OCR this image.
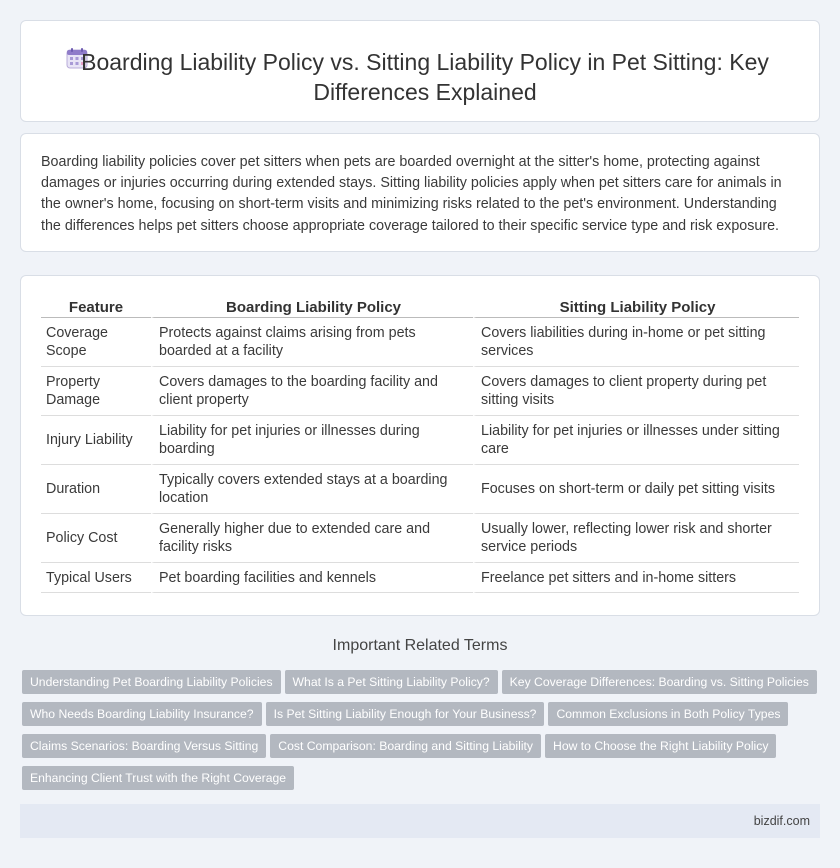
Boarding Liability Policy vs. Sitting Liability Policy in Pet Sitting: Key Differences Explained

Boarding liability policies cover pet sitters when pets are boarded overnight at the sitter's home, protecting against damages or injuries occurring during extended stays. Sitting liability policies apply when pet sitters care for animals in the owner's home, focusing on short-term visits and minimizing risks related to the pet's environment. Understanding the differences helps pet sitters choose appropriate coverage tailored to their specific service type and risk exposure.

Feature	Boarding Liability Policy	Sitting Liability Policy
Coverage Scope	Protects against claims arising from pets boarded at a facility	Covers liabilities during in-home or pet sitting services
Property Damage	Covers damages to the boarding facility and client property	Covers damages to client property during pet sitting visits
Injury Liability	Liability for pet injuries or illnesses during boarding	Liability for pet injuries or illnesses under sitting care
Duration	Typically covers extended stays at a boarding location	Focuses on short-term or daily pet sitting visits
Policy Cost	Generally higher due to extended care and facility risks	Usually lower, reflecting lower risk and shorter service periods
Typical Users	Pet boarding facilities and kennels	Freelance pet sitters and in-home sitters
Important Related Terms
Understanding Pet Boarding Liability Policies What Is a Pet Sitting Liability Policy? Key Coverage Differences: Boarding vs. Sitting PoliciesWho Needs Boarding Liability Insurance? Is Pet Sitting Liability Enough for Your Business? Common Exclusions in Both Policy TypesClaims Scenarios: Boarding Versus Sitting Cost Comparison: Boarding and Sitting Liability How to Choose the Right Liability PolicyEnhancing Client Trust with the Right Coverage
bizdif.com
